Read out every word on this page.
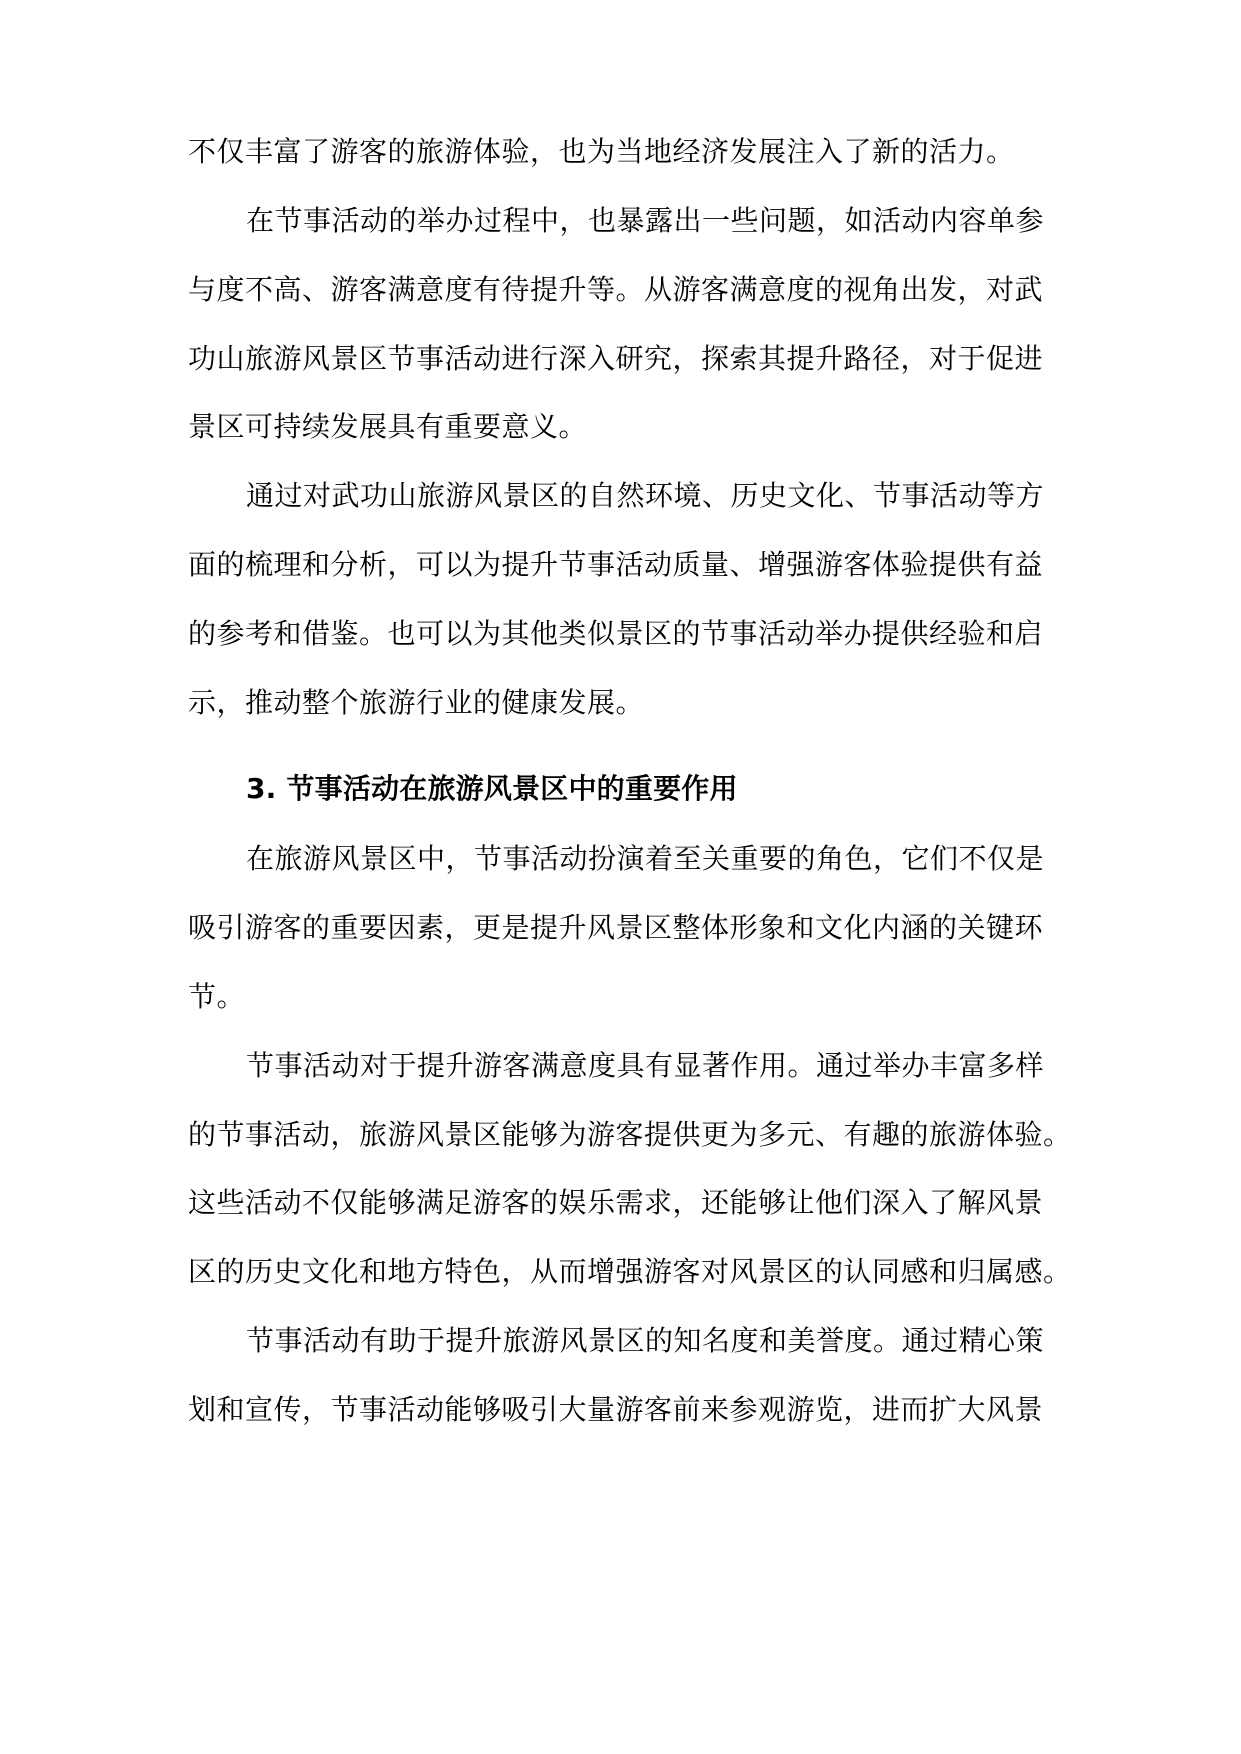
不仅丰富了游客的旅游体验，也为当地经济发展注入了新的活力。
在节事活动的举办过程中，也暴露出一些问题，如活动内容单参
与度不高、游客满意度有待提升等。从游客满意度的视角出发，对武
功山旅游风景区节事活动进行深入研究，探索其提升路径，对于促进
景区可持续发展具有重要意义。
通过对武功山旅游风景区的自然环境、历史文化、节事活动等方
面的梳理和分析，可以为提升节事活动质量、增强游客体验提供有益
的参考和借鉴。也可以为其他类似景区的节事活动举办提供经验和启
示，推动整个旅游行业的健康发展。
3. 节事活动在旅游风景区中的重要作用
在旅游风景区中，节事活动扮演着至关重要的角色，它们不仅是
吸引游客的重要因素，更是提升风景区整体形象和文化内涵的关键环
节。
节事活动对于提升游客满意度具有显著作用。通过举办丰富多样
的节事活动，旅游风景区能够为游客提供更为多元、有趣的旅游体验。
这些活动不仅能够满足游客的娱乐需求，还能够让他们深入了解风景
区的历史文化和地方特色，从而增强游客对风景区的认同感和归属感。
节事活动有助于提升旅游风景区的知名度和美誉度。通过精心策
划和宣传，节事活动能够吸引大量游客前来参观游览，进而扩大风景
